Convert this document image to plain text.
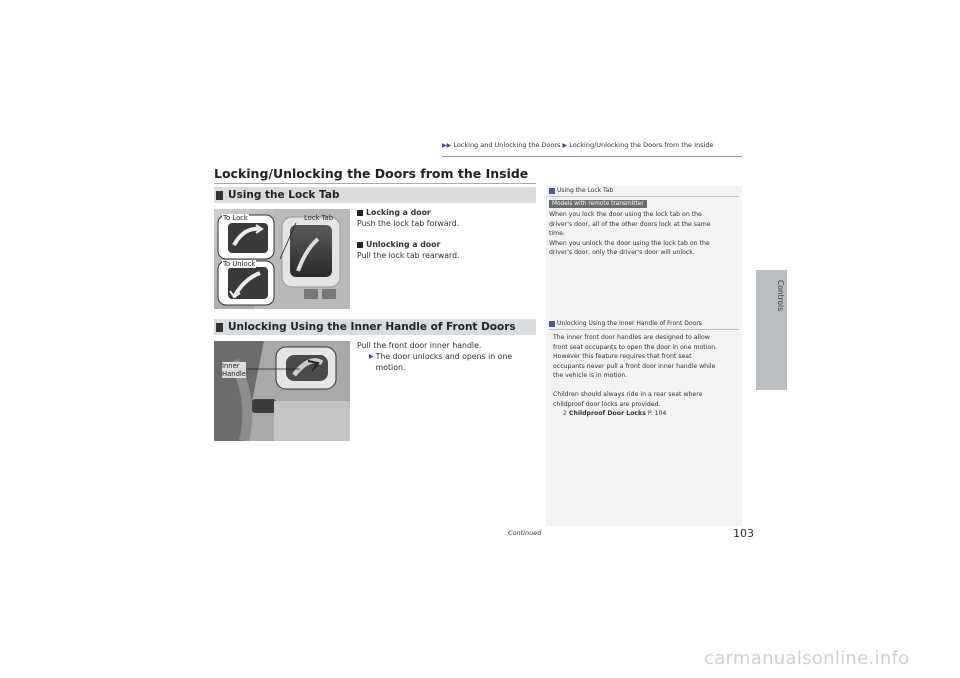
▶▶ Locking and Unlocking the Doors ▶ Locking/Unlocking the Doors from the Inside
Locking/Unlocking the Doors from the Inside
Using the Lock Tab
To Lock	Lock Tab
To Unlock
Locking a door
Push the lock tab forward.
Unlocking a door
Pull the lock tab rearward.
Unlocking Using the Inner Handle of Front Doors
Inner
Handle
Pull the front door inner handle.
▶ The door unlocks and opens in one
motion.
Using the Lock Tab
Models with remote transmitter
When you lock the door using the lock tab on the
driver's door, all of the other doors lock at the same
time.
When you unlock the door using the lock tab on the
driver's door, only the driver's door will unlock.
Unlocking Using the Inner Handle of Front Doors
The inner front door handles are designed to allow
front seat occupants to open the door in one motion.
However this feature requires that front seat
occupants never pull a front door inner handle while
the vehicle is in motion.
Children should always ride in a rear seat where
childproof door locks are provided.
2 Childproof Door Locks P. 104
Controls
Continued	103
carmanualsonline.info
